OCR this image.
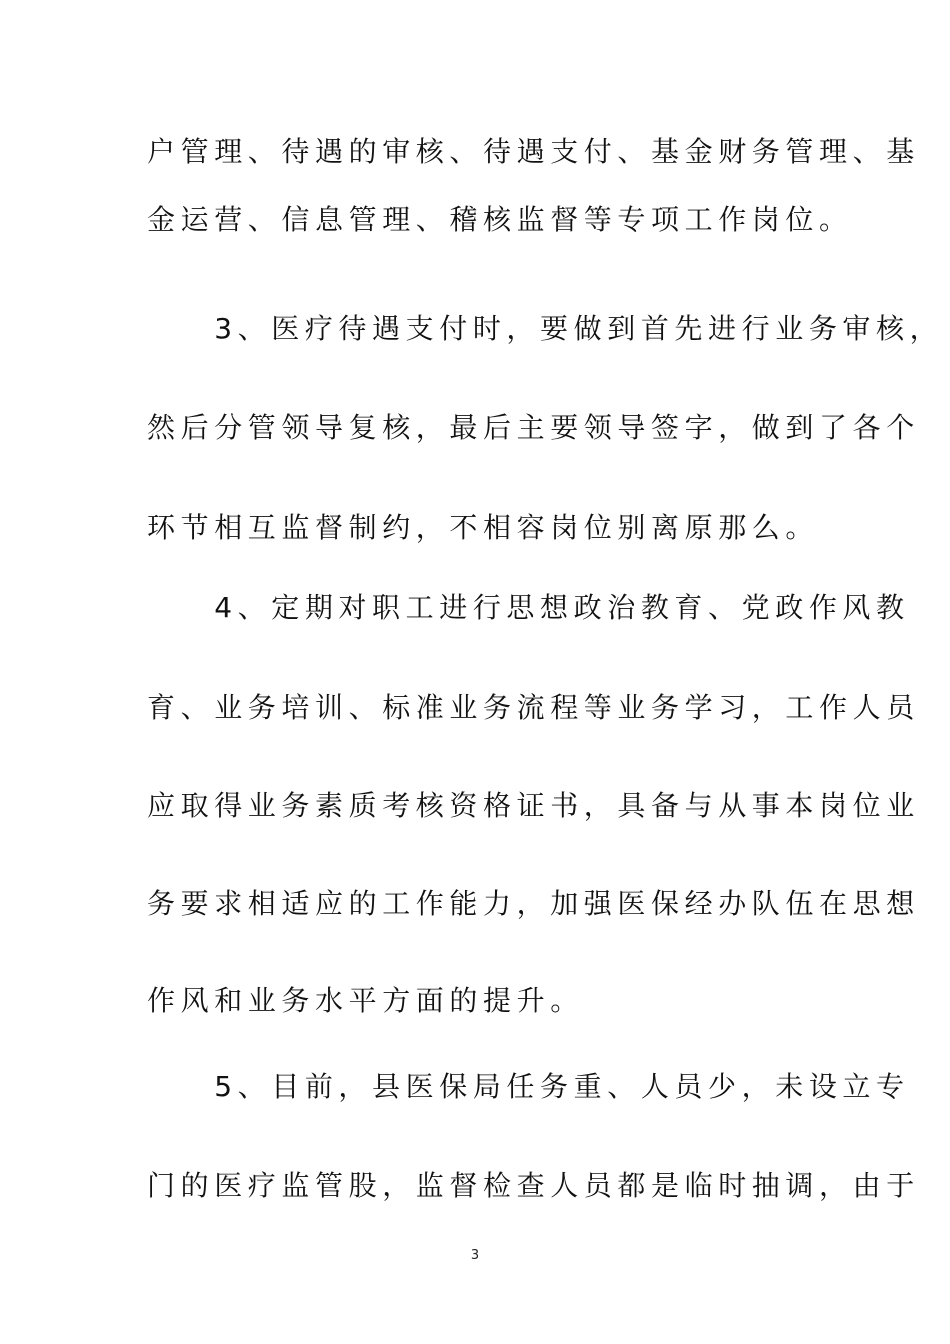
户管理、待遇的审核、待遇支付、基金财务管理、基
金运营、信息管理、稽核监督等专项工作岗位。
　　3、医疗待遇支付时，要做到首先进行业务审核，
然后分管领导复核，最后主要领导签字，做到了各个
环节相互监督制约，不相容岗位别离原那么。
　　4、定期对职工进行思想政治教育、党政作风教
育、业务培训、标准业务流程等业务学习，工作人员
应取得业务素质考核资格证书，具备与从事本岗位业
务要求相适应的工作能力，加强医保经办队伍在思想
作风和业务水平方面的提升。
　　5、目前，县医保局任务重、人员少，未设立专
门的医疗监管股，监督检查人员都是临时抽调，由于
3
